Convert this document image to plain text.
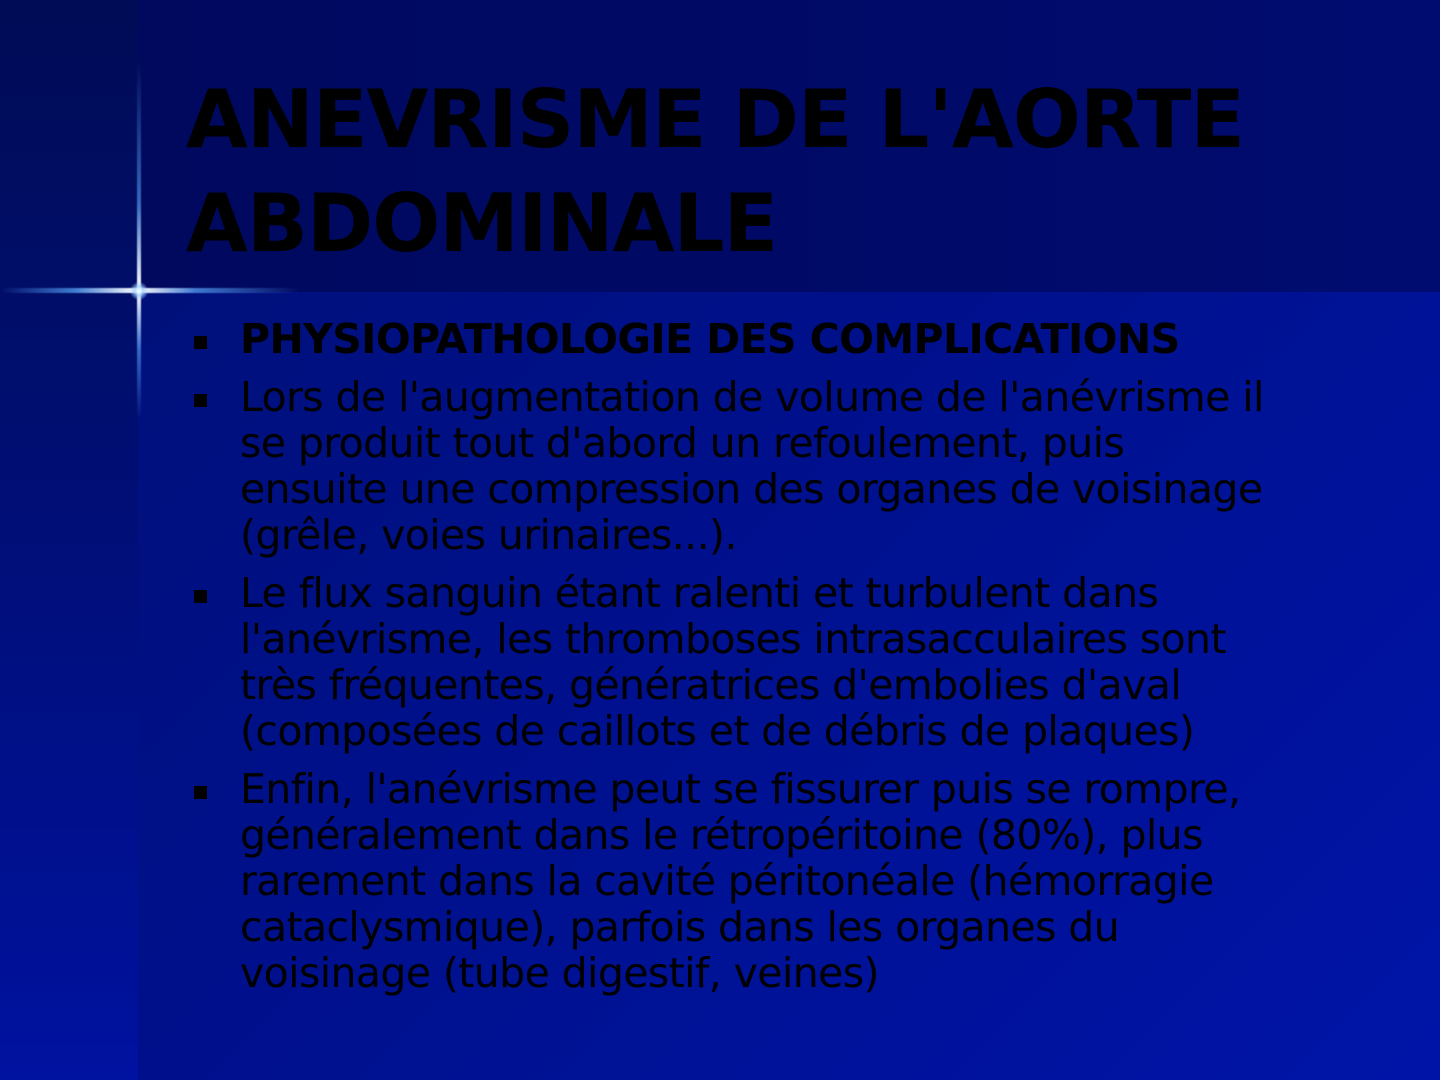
ANEVRISME DE L'AORTE
ABDOMINALE
PHYSIOPATHOLOGIE DES COMPLICATIONS
Lors de l'augmentation de volume de l'anévrisme il
se produit tout d'abord un refoulement, puis
ensuite une compression des organes de voisinage
(grêle, voies urinaires...).
Le flux sanguin étant ralenti et turbulent dans
l'anévrisme, les thromboses intrasacculaires sont
très fréquentes, génératrices d'embolies d'aval
(composées de caillots et de débris de plaques)
Enfin, l'anévrisme peut se fissurer puis se rompre,
généralement dans le rétropéritoine (80%), plus
rarement dans la cavité péritonéale (hémorragie
cataclysmique), parfois dans les organes du
voisinage (tube digestif, veines)
